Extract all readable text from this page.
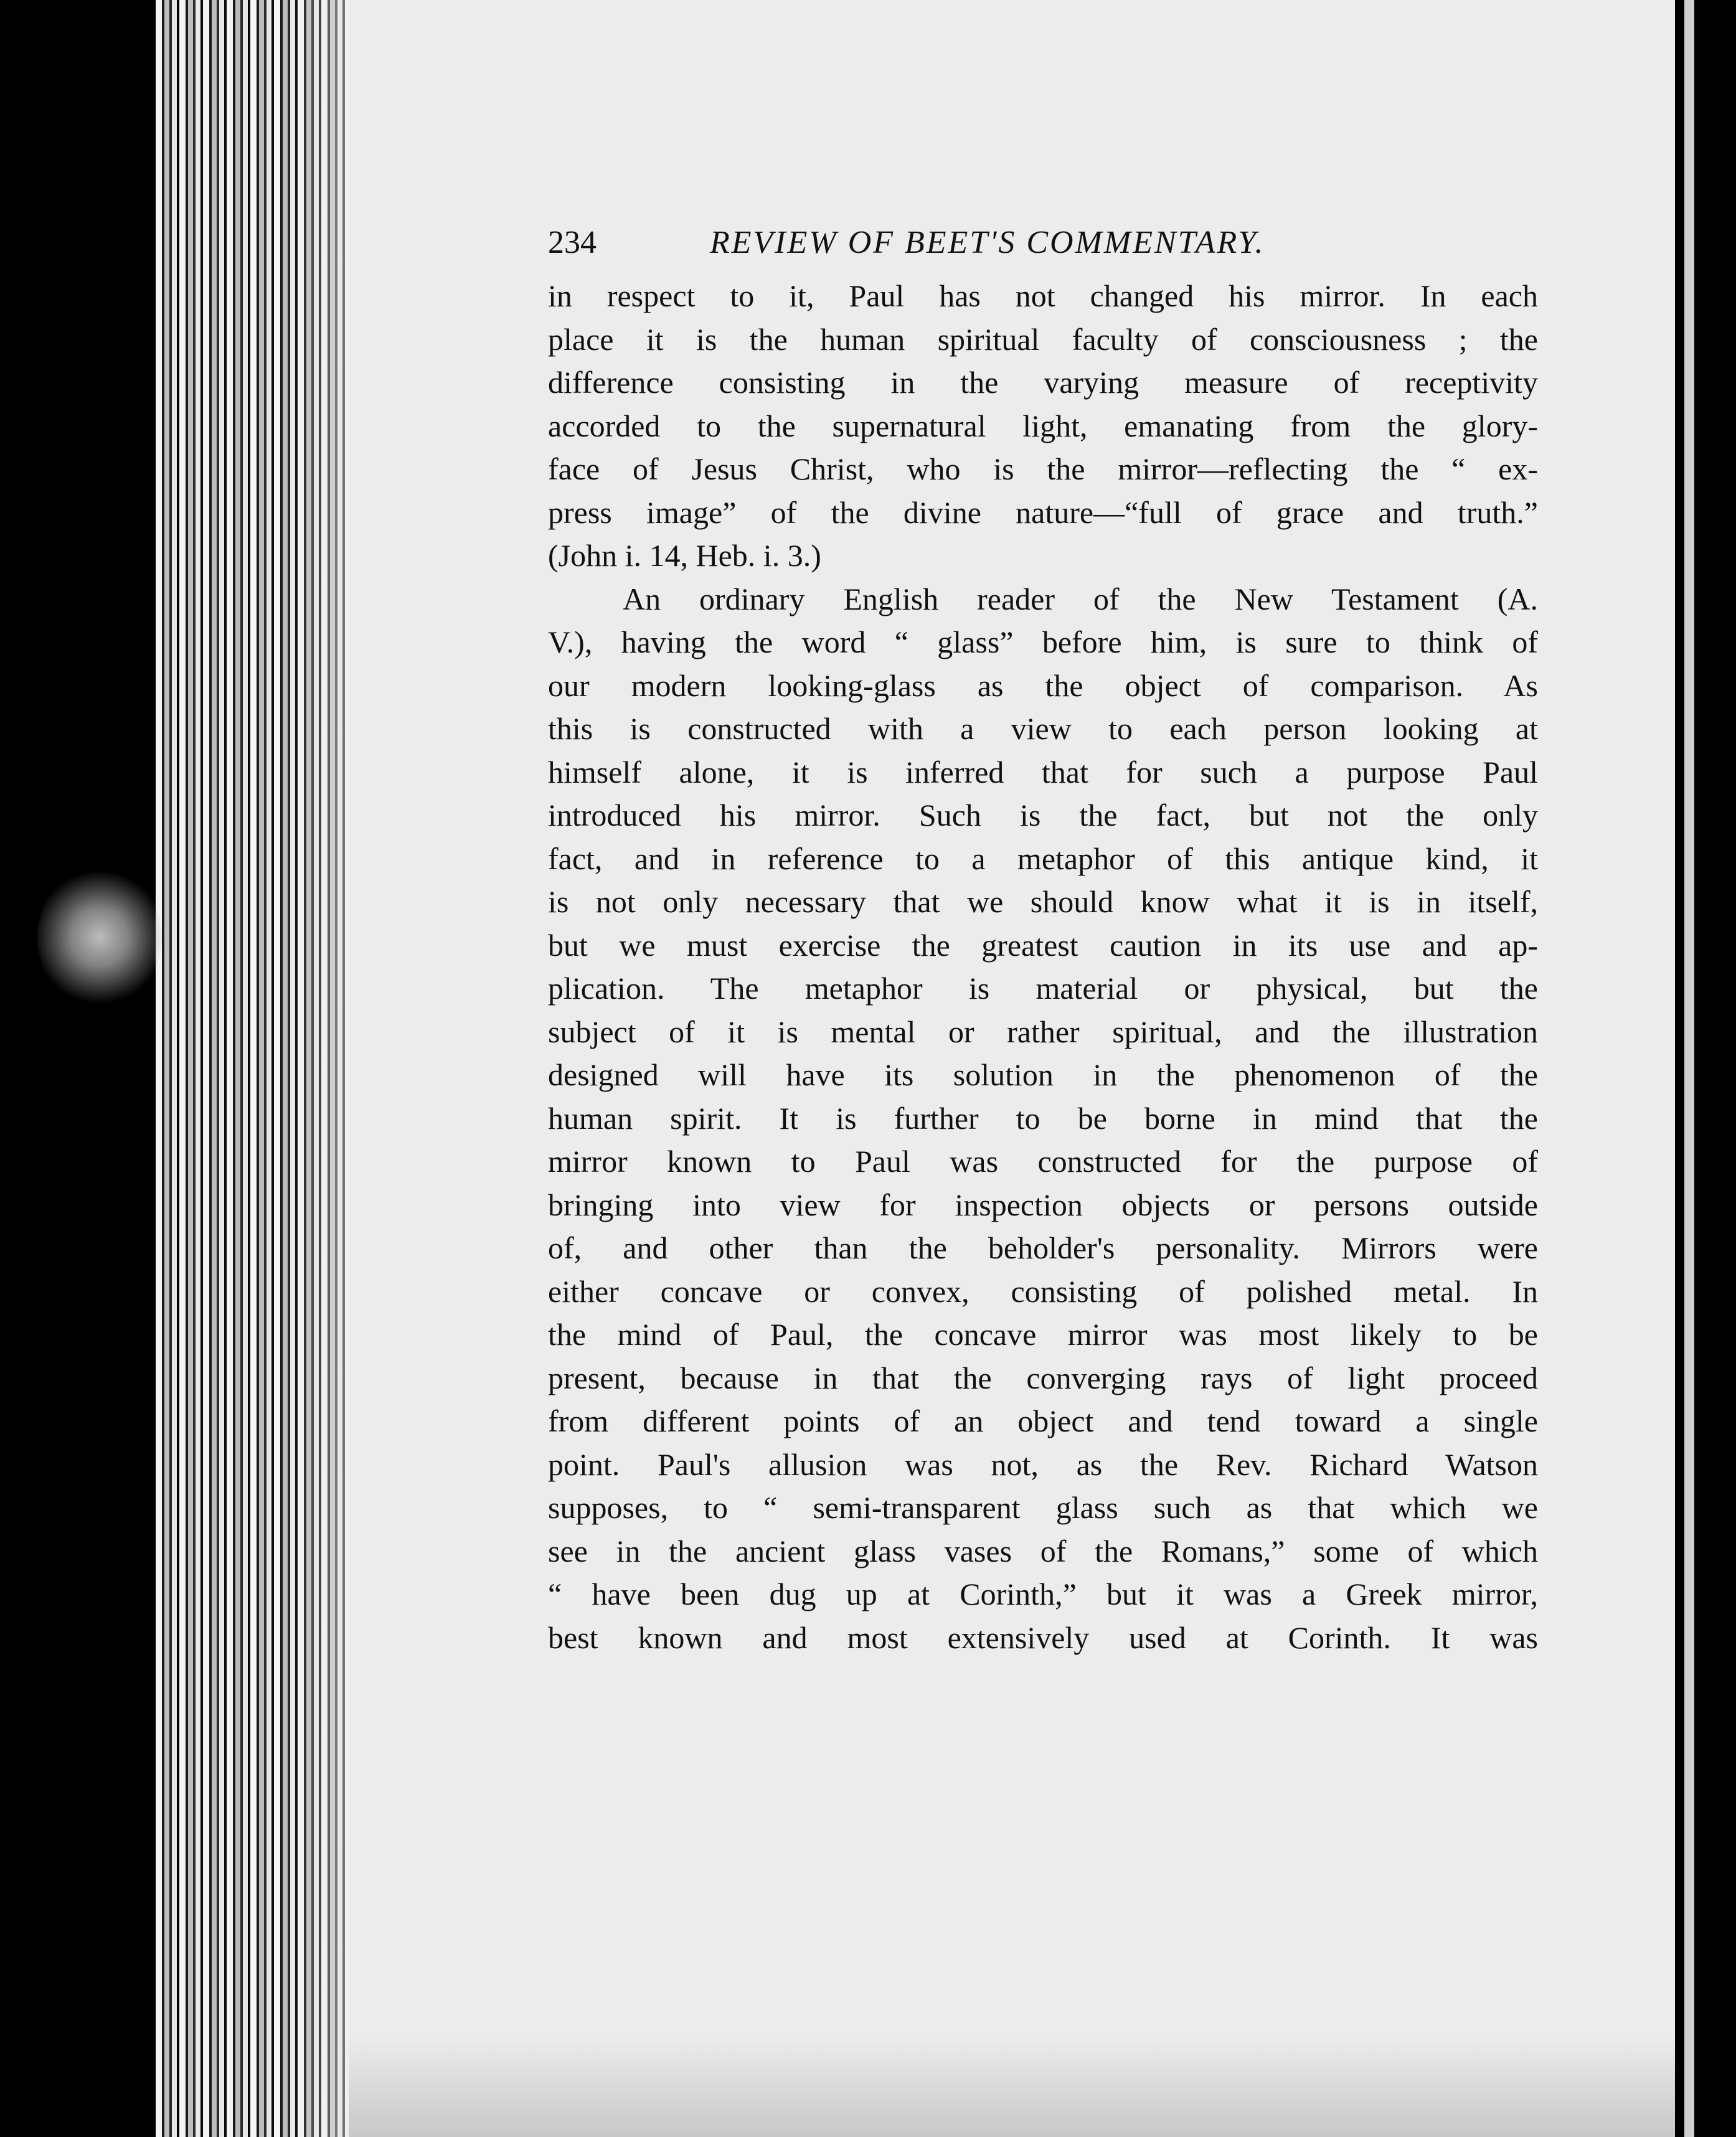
234	REVIEW OF BEET'S COMMENTARY.

in respect to it, Paul has not changed his mirror. In each

place it is the human spiritual faculty of consciousness ; the

difference consisting in the varying measure of receptivity

accorded to the supernatural light, emanating from the glory-

face of Jesus Christ, who is the mirror—reflecting the “ ex-

press image” of the divine nature—“full of grace and truth.”

(John i. 14, Heb. i. 3.)

An ordinary English reader of the New Testament (A.

V.), having the word “ glass” before him, is sure to think of

our modern looking-glass as the object of comparison. As

this is constructed with a view to each person looking at

himself alone, it is inferred that for such a purpose Paul

introduced his mirror. Such is the fact, but not the only

fact, and in reference to a metaphor of this antique kind, it

is not only necessary that we should know what it is in itself,

but we must exercise the greatest caution in its use and ap-

plication. The metaphor is material or physical, but the

subject of it is mental or rather spiritual, and the illustration

designed will have its solution in the phenomenon of the

human spirit. It is further to be borne in mind that the

mirror known to Paul was constructed for the purpose of

bringing into view for inspection objects or persons outside

of, and other than the beholder's personality. Mirrors were

either concave or convex, consisting of polished metal. In

the mind of Paul, the concave mirror was most likely to be

present, because in that the converging rays of light proceed

from different points of an object and tend toward a single

point. Paul's allusion was not, as the Rev. Richard Watson

supposes, to “ semi-transparent glass such as that which we

see in the ancient glass vases of the Romans,” some of which

“ have been dug up at Corinth,” but it was a Greek mirror,

best known and most extensively used at Corinth. It was
